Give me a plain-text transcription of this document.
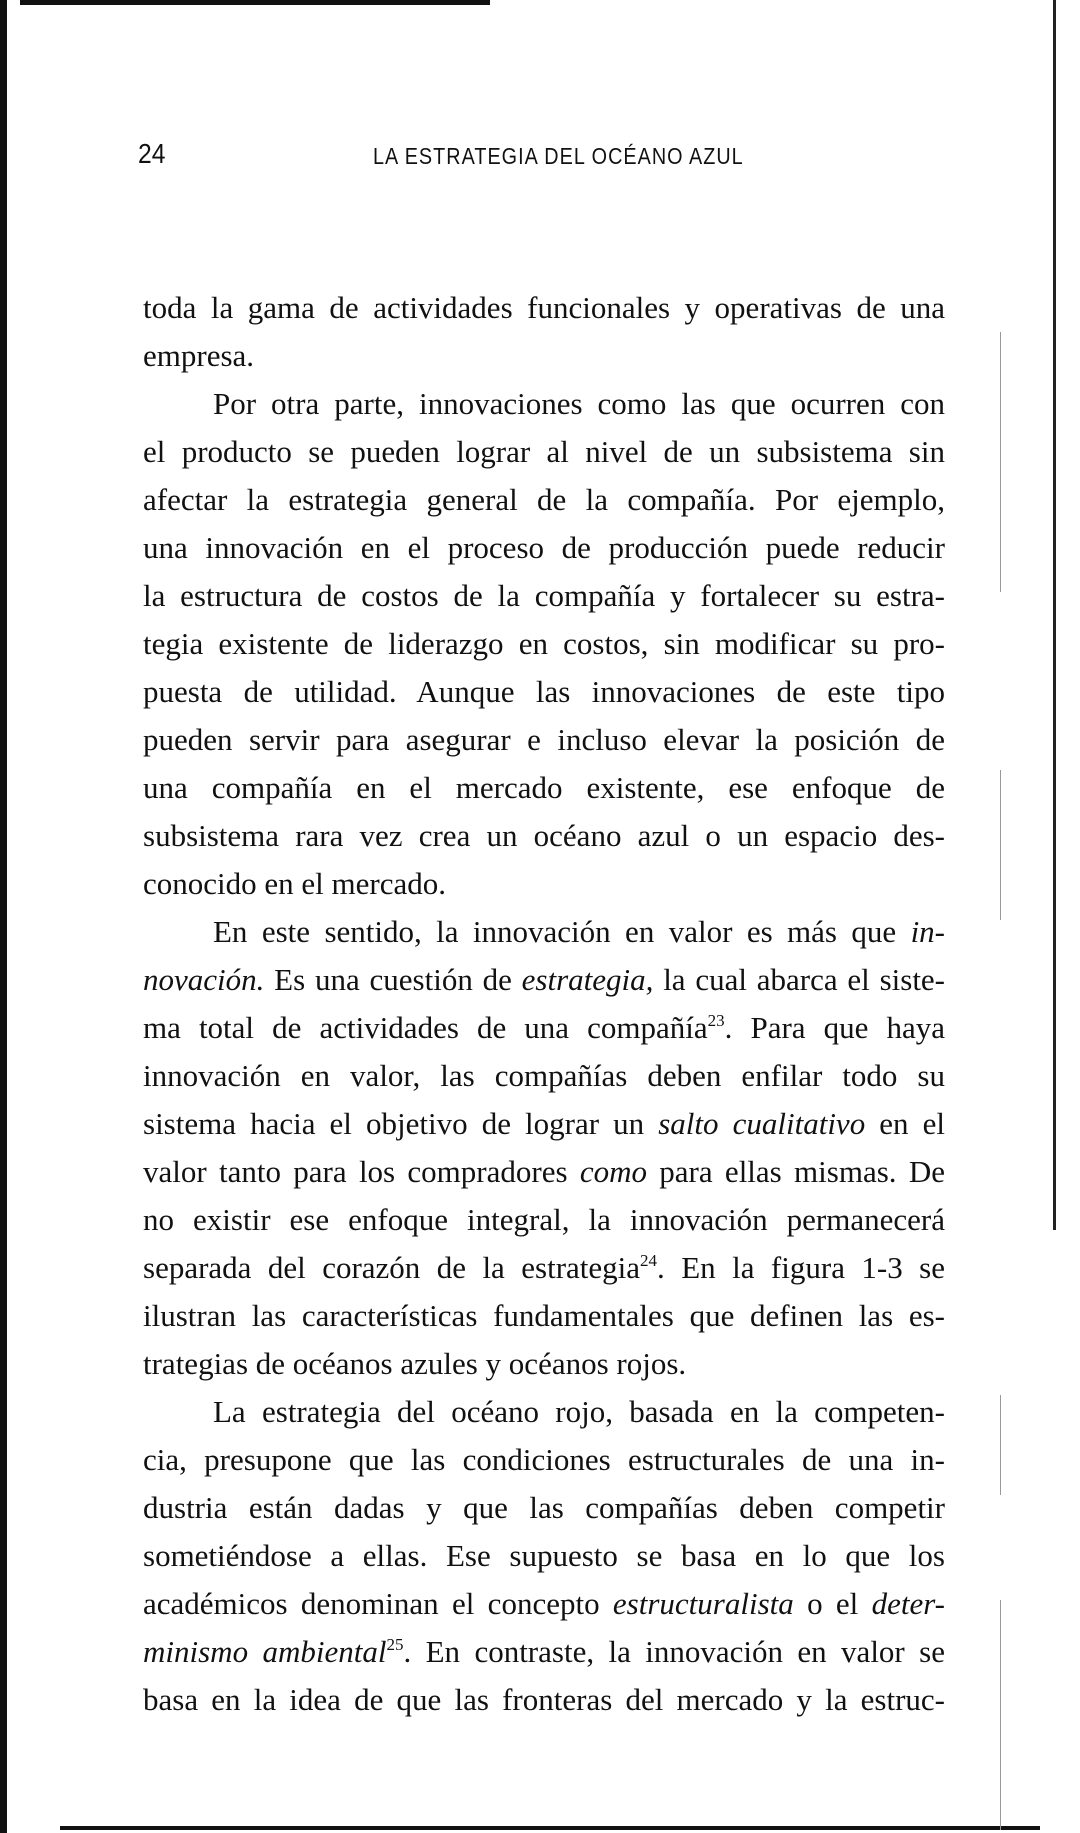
24	LA ESTRATEGIA DEL OCÉANO AZUL
toda la gama de actividades funcionales y operativas de una
empresa.
Por otra parte, innovaciones como las que ocurren con
el producto se pueden lograr al nivel de un subsistema sin
afectar la estrategia general de la compañía. Por ejemplo,
una innovación en el proceso de producción puede reducir
la estructura de costos de la compañía y fortalecer su estra-
tegia existente de liderazgo en costos, sin modificar su pro-
puesta de utilidad. Aunque las innovaciones de este tipo
pueden servir para asegurar e incluso elevar la posición de
una compañía en el mercado existente, ese enfoque de
subsistema rara vez crea un océano azul o un espacio des-
conocido en el mercado.
En este sentido, la innovación en valor es más que in-
novación. Es una cuestión de estrategia, la cual abarca el siste-
ma total de actividades de una compañía$^{23}$. Para que haya
innovación en valor, las compañías deben enfilar todo su
sistema hacia el objetivo de lograr un salto cualitativo en el
valor tanto para los compradores como para ellas mismas. De
no existir ese enfoque integral, la innovación permanecerá
separada del corazón de la estrategia$^{24}$. En la figura 1-3 se
ilustran las características fundamentales que definen las es-
trategias de océanos azules y océanos rojos.
La estrategia del océano rojo, basada en la competen-
cia, presupone que las condiciones estructurales de una in-
dustria están dadas y que las compañías deben competir
sometiéndose a ellas. Ese supuesto se basa en lo que los
académicos denominan el concepto estructuralista o el deter-
minismo ambiental$^{25}$. En contraste, la innovación en valor se
basa en la idea de que las fronteras del mercado y la estruc-
